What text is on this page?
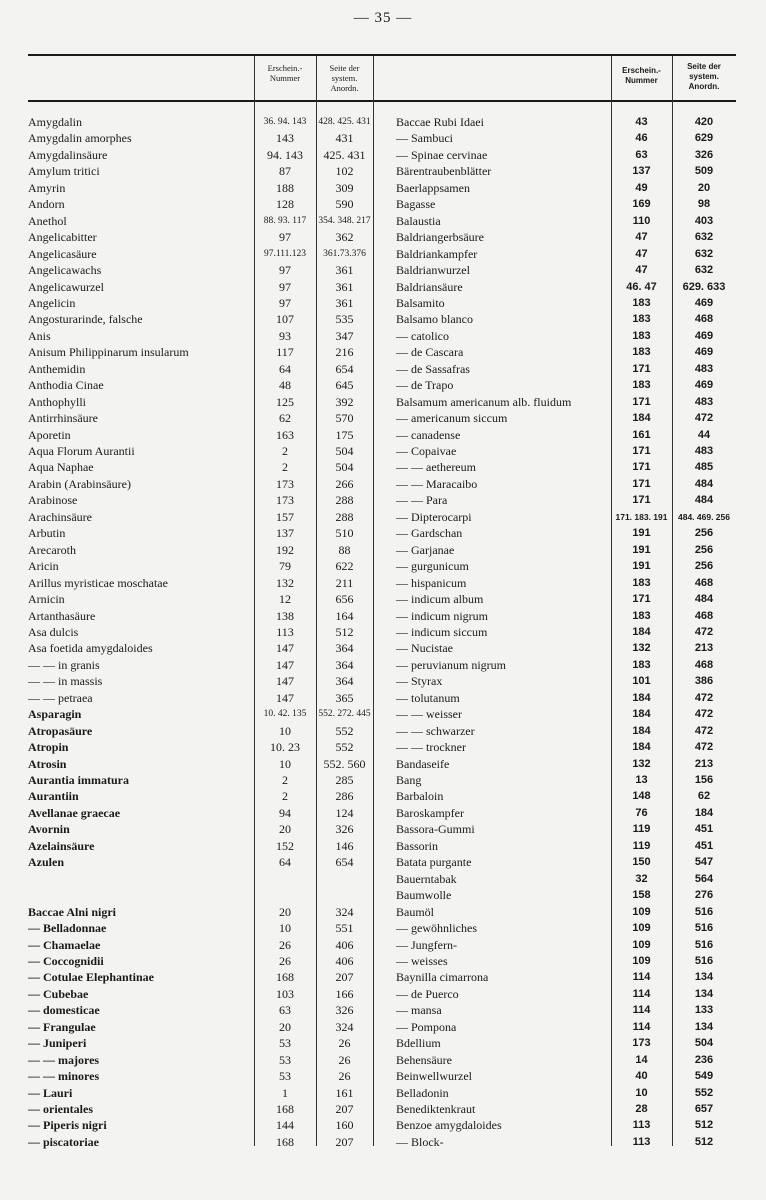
— 35 —
Erschein.-
Nummer
Seite der
system.
Anordn.
Erschein.-
Nummer
Seite der
system.
Anordn.
Amygdalin	36. 94. 143	428. 425. 431
Amygdalin amorphes	143	431
Amygdalinsäure	94. 143	425. 431
Amylum tritici	87	102
Amyrin	188	309
Andorn	128	590
Anethol	88. 93. 117	354. 348. 217
Angelicabitter	97	362
Angelicasäure	97.111.123	361.73.376
Angelicawachs	97	361
Angelicawurzel	97	361
Angelicin	97	361
Angosturarinde, falsche	107	535
Anis	93	347
Anisum Philippinarum insularum	117	216
Anthemidin	64	654
Anthodia Cinae	48	645
Anthophylli	125	392
Antirrhinsäure	62	570
Aporetin	163	175
Aqua Florum Aurantii	2	504
Aqua Naphae	2	504
Arabin (Arabinsäure)	173	266
Arabinose	173	288
Arachinsäure	157	288
Arbutin	137	510
Arecaroth	192	88
Aricin	79	622
Arillus myristicae moschatae	132	211
Arnicin	12	656
Artanthasäure	138	164
Asa dulcis	113	512
Asa foetida amygdaloides	147	364
— — in granis	147	364
— — in massis	147	364
— — petraea	147	365
Asparagin	10. 42. 135	552. 272. 445
Atropasäure	10	552
Atropin	10. 23	552
Atrosin	10	552. 560
Aurantia immatura	2	285
Aurantiin	2	286
Avellanae graecae	94	124
Avornin	20	326
Azelainsäure	152	146
Azulen	64	654
Baccae Alni nigri	20	324
— Belladonnae	10	551
— Chamaelae	26	406
— Coccognidii	26	406
— Cotulae Elephantinae	168	207
— Cubebae	103	166
— domesticae	63	326
— Frangulae	20	324
— Juniperi	53	26
— — majores	53	26
— — minores	53	26
— Lauri	1	161
— orientales	168	207
— Piperis nigri	144	160
— piscatoriae	168	207
Baccae Rubi Idaei	43	420
— Sambuci	46	629
— Spinae cervinae	63	326
Bärentraubenblätter	137	509
Baerlappsamen	49	20
Bagasse	169	98
Balaustia	110	403
Baldriangerbsäure	47	632
Baldriankampfer	47	632
Baldrianwurzel	47	632
Baldriansäure	46. 47	629. 633
Balsamito	183	469
Balsamo blanco	183	468
— catolico	183	469
— de Cascara	183	469
— de Sassafras	171	483
— de Trapo	183	469
Balsamum americanum alb. fluidum	171	483
— americanum siccum	184	472
— canadense	161	44
— Copaivae	171	483
— — aethereum	171	485
— — Maracaibo	171	484
— — Para	171	484
— Dipterocarpi	171. 183. 191	484. 469. 256
— Gardschan	191	256
— Garjanae	191	256
— gurgunicum	191	256
— hispanicum	183	468
— indicum album	171	484
— indicum nigrum	183	468
— indicum siccum	184	472
— Nucistae	132	213
— peruvianum nigrum	183	468
— Styrax	101	386
— tolutanum	184	472
— — weisser	184	472
— — schwarzer	184	472
— — trockner	184	472
Bandaseife	132	213
Bang	13	156
Barbaloin	148	62
Baroskampfer	76	184
Bassora-Gummi	119	451
Bassorin	119	451
Batata purgante	150	547
Bauerntabak	32	564
Baumwolle	158	276
Baumöl	109	516
— gewöhnliches	109	516
— Jungfern-	109	516
— weisses	109	516
Baynilla cimarrona	114	134
— de Puerco	114	134
— mansa	114	133
— Pompona	114	134
Bdellium	173	504
Behensäure	14	236
Beinwellwurzel	40	549
Belladonin	10	552
Benediktenkraut	28	657
Benzoe amygdaloides	113	512
— Block-	113	512
